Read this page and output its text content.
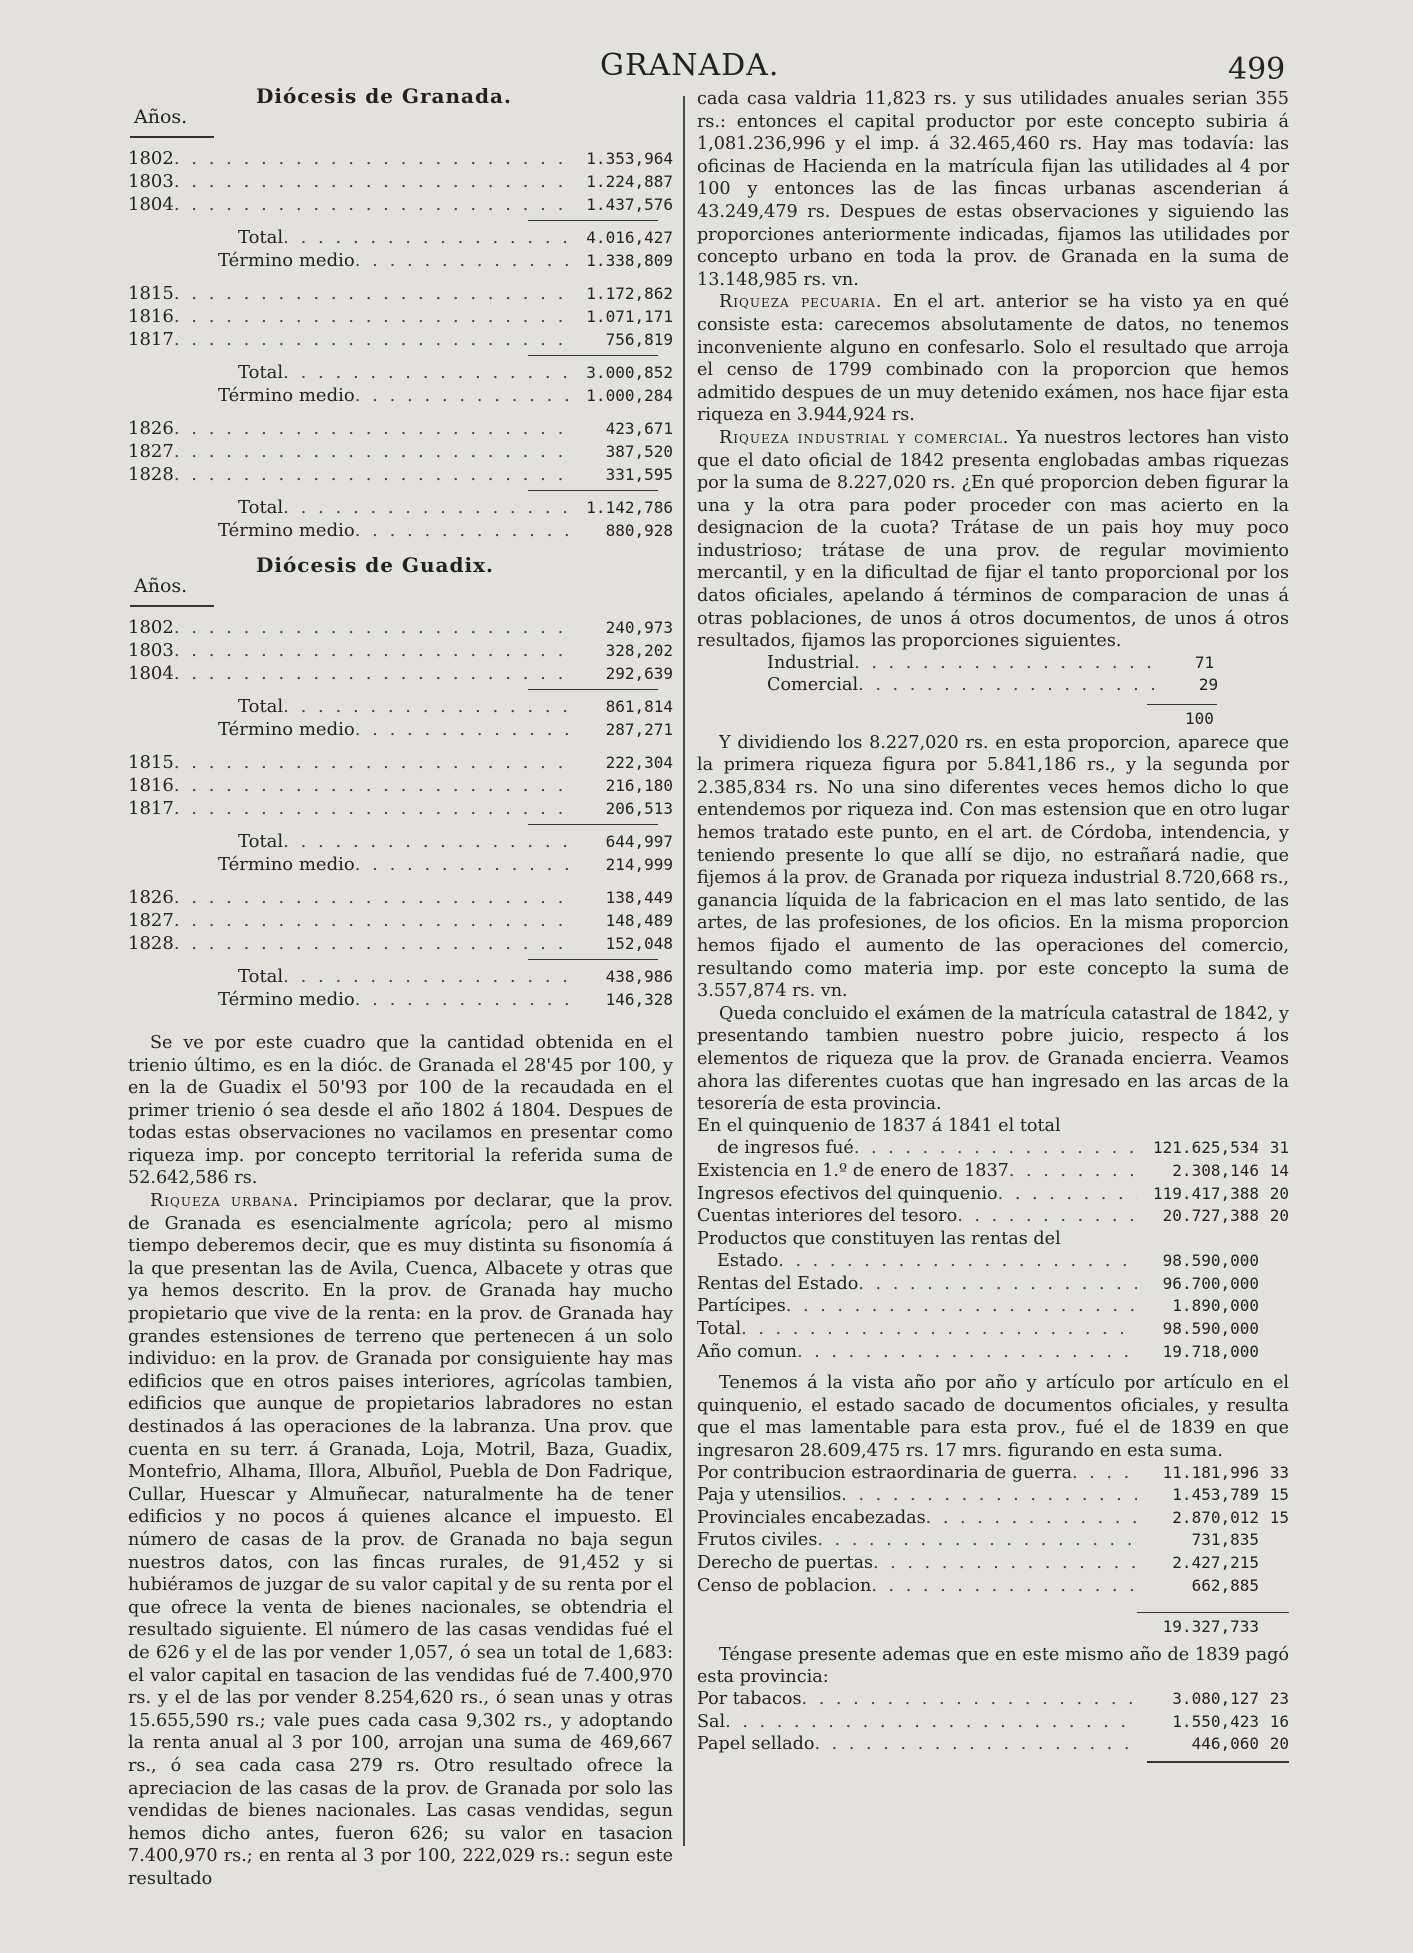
GRANADA.	499
Diócesis de Granada.
Años.
1802 . . .	1.353,964
1803 . . .	1.224,887
1804 . . .	1.437,576
Total . . .	4.016,427
Término medio . . .	1.338,809
1815 . . .	1.172,862
1816 . . .	1.071,171
1817 . . .	756,819
Total . . .	3.000,852
Término medio . . .	1.000,284
1826 . . .	423,671
1827 . . .	387,520
1828 . . .	331,595
Total . . .	1.142,786
Término medio . . .	880,928
Diócesis de Guadix.
Años.
1802 . . .	240,973
1803 . . .	328,202
1804 . . .	292,639
Total . . .	861,814
Término medio . . .	287,271
1815 . . .	222,304
1816 . . .	216,180
1817 . . .	206,513
Total . . .	644,997
Término medio . . .	214,999
1826 . . .	138,449
1827 . . .	148,489
1828 . . .	152,048
Total . . .	438,986
Término medio . . .	146,328

Se ve por este cuadro que la cantidad obtenida en el trienio último, es en la dióc. de Granada el 28'45 por 100, y en la de Guadix el 50'93 por 100 de la recaudada en el primer trienio ó sea desde el año 1802 á 1804. Despues de todas estas observaciones no vacilamos en presentar como riqueza imp. por concepto territorial la referida suma de 52.642,586 rs.

Riqueza urbana. Principiamos por declarar, que la prov. de Granada es esencialmente agrícola; pero al mismo tiempo deberemos decir, que es muy distinta su fisonomía á la que presentan las de Avila, Cuenca, Albacete y otras que ya hemos descrito. En la prov. de Granada hay mucho propietario que vive de la renta: en la prov. de Granada hay grandes estensiones de terreno que pertenecen á un solo individuo: en la prov. de Granada por consiguiente hay mas edificios que en otros paises interiores, agrícolas tambien, edificios que aunque de propietarios labradores no estan destinados á las operaciones de la labranza. Una prov. que cuenta en su terr. á Granada, Loja, Motril, Baza, Guadix, Montefrio, Alhama, Illora, Albuñol, Puebla de Don Fadrique, Cullar, Huescar y Almuñecar, naturalmente ha de tener edificios y no pocos á quienes alcance el impuesto. El número de casas de la prov. de Granada no baja segun nuestros datos, con las fincas rurales, de 91,452 y si hubiéramos de juzgar de su valor capital y de su renta por el que ofrece la venta de bienes nacionales, se obtendria el resultado siguiente. El número de las casas vendidas fué el de 626 y el de las por vender 1,057, ó sea un total de 1,683: el valor capital en tasacion de las vendidas fué de 7.400,970 rs. y el de las por vender 8.254,620 rs., ó sean unas y otras 15.655,590 rs.; vale pues cada casa 9,302 rs., y adoptando la renta anual al 3 por 100, arrojan una suma de 469,667 rs., ó sea cada casa 279 rs. Otro resultado ofrece la apreciacion de las casas de la prov. de Granada por solo las vendidas de bienes nacionales. Las casas vendidas, segun hemos dicho antes, fueron 626; su valor en tasacion 7.400,970 rs.; en renta al 3 por 100, 222,029 rs.: segun este resultado

cada casa valdria 11,823 rs. y sus utilidades anuales serian 355 rs.: entonces el capital productor por este concepto subiria á 1,081.236,996 y el imp. á 32.465,460 rs. Hay mas todavía: las oficinas de Hacienda en la matrícula fijan las utilidades al 4 por 100 y entonces las de las fincas urbanas ascenderian á 43.249,479 rs. Despues de estas observaciones y siguiendo las proporciones anteriormente indicadas, fijamos las utilidades por concepto urbano en toda la prov. de Granada en la suma de 13.148,985 rs. vn.

Riqueza pecuaria. En el art. anterior se ha visto ya en qué consiste esta: carecemos absolutamente de datos, no tenemos inconveniente alguno en confesarlo. Solo el resultado que arroja el censo de 1799 combinado con la proporcion que hemos admitido despues de un muy detenido exámen, nos hace fijar esta riqueza en 3.944,924 rs.

Riqueza industrial y comercial. Ya nuestros lectores han visto que el dato oficial de 1842 presenta englobadas ambas riquezas por la suma de 8.227,020 rs. ¿En qué proporcion deben figurar la una y la otra para poder proceder con mas acierto en la designacion de la cuota? Trátase de un pais hoy muy poco industrioso; trátase de una prov. de regular movimiento mercantil, y en la dificultad de fijar el tanto proporcional por los datos oficiales, apelando á términos de comparacion de unas á otras poblaciones, de unos á otros documentos, de unos á otros resultados, fijamos las proporciones siguientes.

Industrial . . .	71
Comercial . . .	29
100

Y dividiendo los 8.227,020 rs. en esta proporcion, aparece que la primera riqueza figura por 5.841,186 rs., y la segunda por 2.385,834 rs. No una sino diferentes veces hemos dicho lo que entendemos por riqueza ind. Con mas estension que en otro lugar hemos tratado este punto, en el art. de Córdoba, intendencia, y teniendo presente lo que allí se dijo, no estrañará nadie, que fijemos á la prov. de Granada por riqueza industrial 8.720,668 rs., ganancia líquida de la fabricacion en el mas lato sentido, de las artes, de las profesiones, de los oficios. En la misma proporcion hemos fijado el aumento de las operaciones del comercio, resultando como materia imp. por este concepto la suma de 3.557,874 rs. vn.

Queda concluido el exámen de la matrícula catastral de 1842, y presentando tambien nuestro pobre juicio, respecto á los elementos de riqueza que la prov. de Granada encierra. Veamos ahora las diferentes cuotas que han ingresado en las arcas de la tesorería de esta provincia.

En el quinquenio de 1837 á 1841 el total
de ingresos fué . . .	121.625,534 31
Existencia en 1.º de enero de 1837 . . .	2.308,146 14
Ingresos efectivos del quinquenio . . .	119.417,388 20
Cuentas interiores del tesoro . . .	20.727,388 20
Productos que constituyen las rentas del
Estado . . .	98.590,000
Rentas del Estado . . .	96.700,000
Partícipes . . .	1.890,000
Total . . .	98.590,000
Año comun . . .	19.718,000

Tenemos á la vista año por año y artículo por artículo en el quinquenio, el estado sacado de documentos oficiales, y resulta que el mas lamentable para esta prov., fué el de 1839 en que ingresaron 28.609,475 rs. 17 mrs. figurando en esta suma.

Por contribucion estraordinaria de guerra . . .	11.181,996 33
Paja y utensilios . . .	1.453,789 15
Provinciales encabezadas . . .	2.870,012 15
Frutos civiles . . .	731,835
Derecho de puertas . . .	2.427,215
Censo de poblacion . . .	662,885
19.327,733

Téngase presente ademas que en este mismo año de 1839 pagó esta provincia:

Por tabacos . . .	3.080,127 23
Sal . . .	1.550,423 16
Papel sellado . . .	446,060 20
